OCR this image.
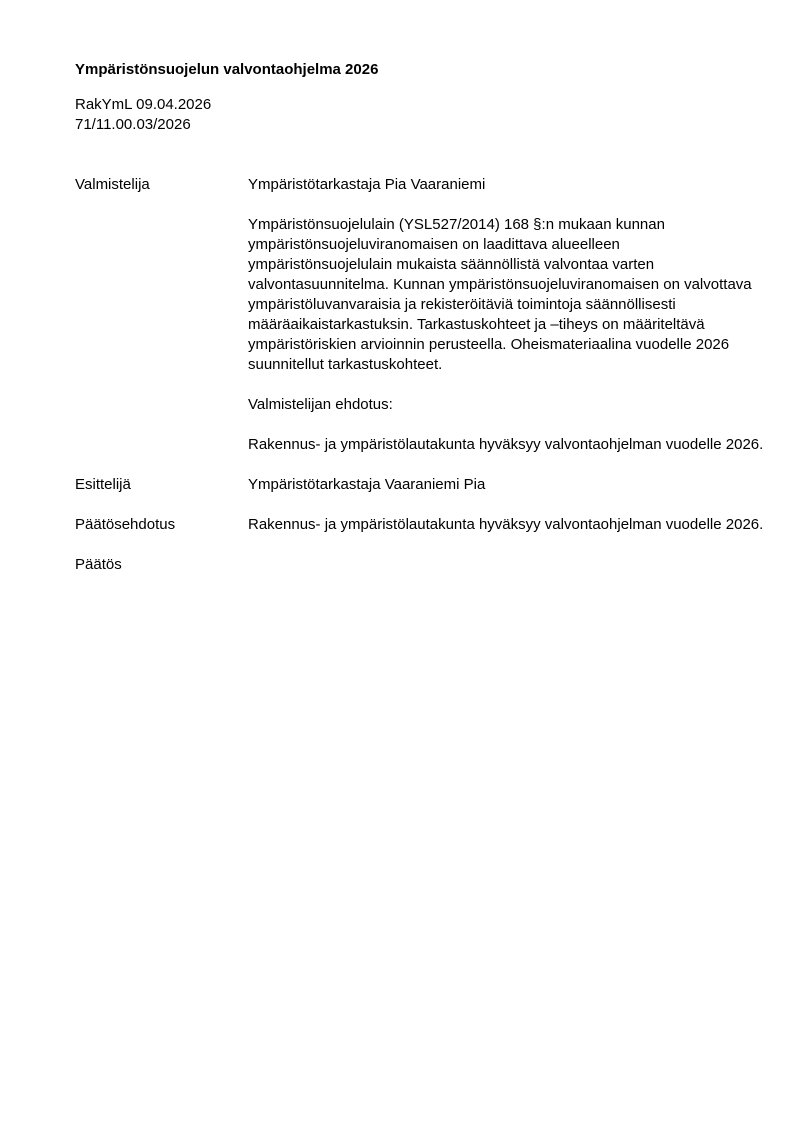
Ympäristönsuojelun valvontaohjelma 2026
RakYmL 09.04.2026
71/11.00.03/2026
Valmistelija	Ympäristötarkastaja Pia Vaaraniemi

Ympäristönsuojelulain (YSL527/2014) 168 §:n mukaan kunnan ympäristönsuojeluviranomaisen on laadittava alueelleen ympäristönsuojelulain mukaista säännöllistä valvontaa varten valvontasuunnitelma. Kunnan ympäristönsuojeluviranomaisen on valvottava ympäristöluvanvaraisia ja rekisteröitäviä toimintoja säännöllisesti määräaikaistarkastuksin. Tarkastuskohteet ja –tiheys on määriteltävä ympäristöriskien arvioinnin perusteella. Oheismateriaalina vuodelle 2026 suunnitellut tarkastuskohteet.

Valmistelijan ehdotus:

Rakennus- ja ympäristölautakunta hyväksyy valvontaohjelman vuodelle 2026.

Esittelijä	Ympäristötarkastaja Vaaraniemi Pia

Päätösehdotus	Rakennus- ja ympäristölautakunta hyväksyy valvontaohjelman vuodelle 2026.

Päätös
